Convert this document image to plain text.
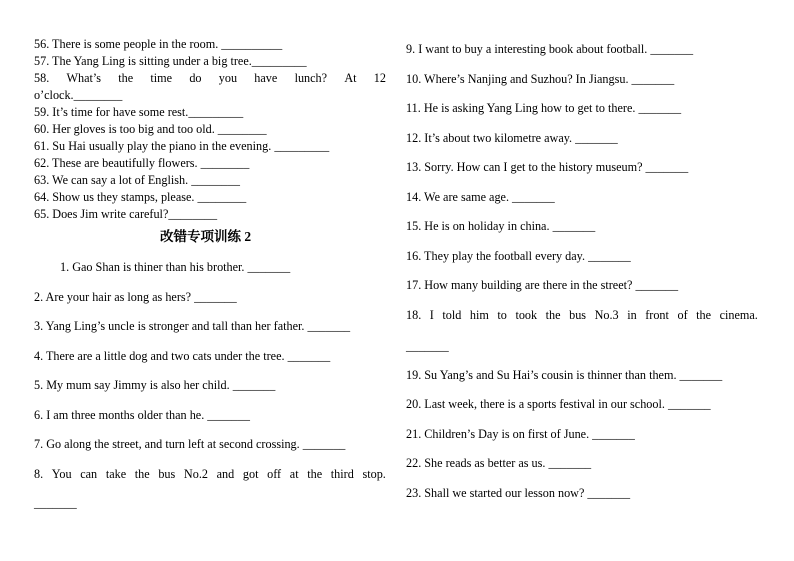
56. There is some people in the room. __________
57. The Yang Ling is sitting under a big tree._________
58. What’s the time do you have lunch? At 12
o’clock.________
59. It’s time for have some rest._________
60. Her gloves is too big and too old. ________
61. Su Hai usually play the piano in the evening. _________
62. These are beautifully flowers. ________
63. We can say a lot of English. ________
64. Show us they stamps, please. ________
65. Does Jim write careful?________
改错专项训练 2
1. Gao Shan is thiner than his brother. _______
2. Are your hair as long as hers? _______
3. Yang Ling’s uncle is stronger and tall than her father. _______
4. There are a little dog and two cats under the tree. _______
5. My mum say Jimmy is also her child. _______
6. I am three months older than he. _______
7. Go along the street, and turn left at second crossing. _______
8. You can take the bus No.2 and got off at the third stop.
_______
9. I want to buy a interesting book about football. _______
10. Where’s Nanjing and Suzhou? In Jiangsu. _______
11. He is asking Yang Ling how to get to there. _______
12. It’s about two kilometre away. _______
13. Sorry. How can I get to the history museum? _______
14. We are same age. _______
15. He is on holiday in china. _______
16. They play the football every day. _______
17. How many building are there in the street? _______
18. I told him to took the bus No.3 in front of the cinema.
_______
19. Su Yang’s and Su Hai’s cousin is thinner than them. _______
20. Last week, there is a sports festival in our school. _______
21. Children’s Day is on first of June. _______
22. She reads as better as us. _______
23. Shall we started our lesson now? _______
